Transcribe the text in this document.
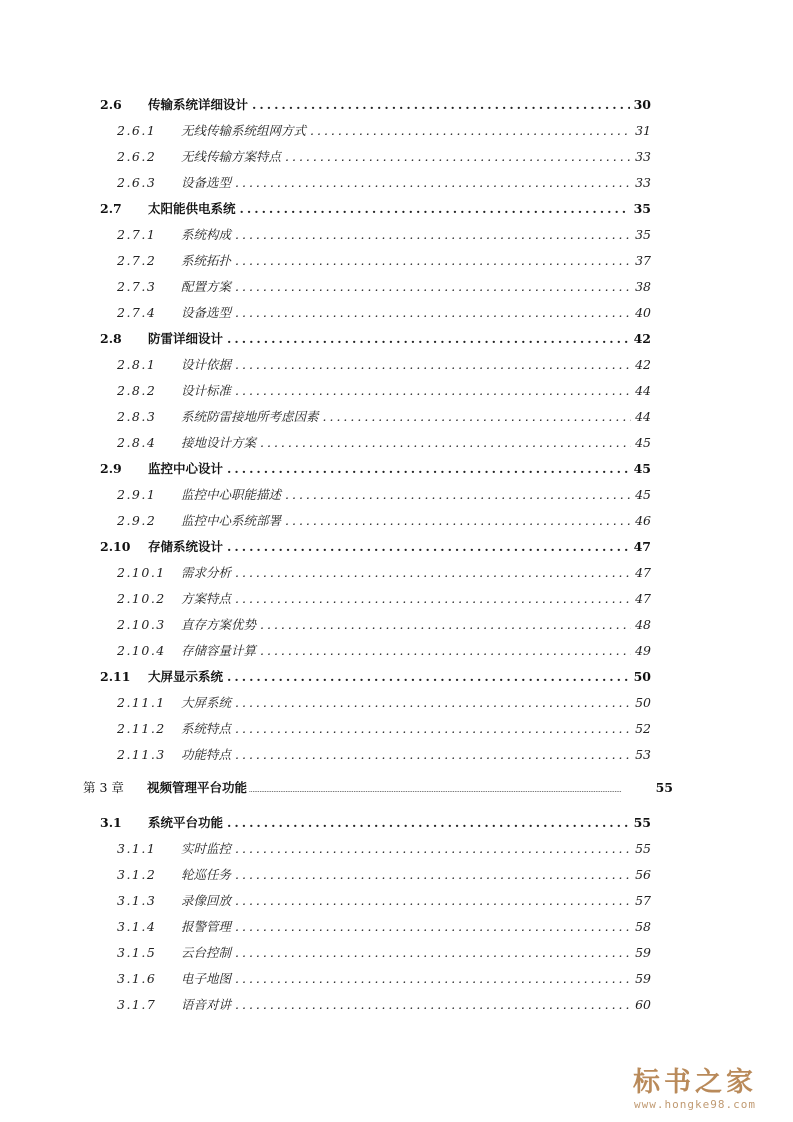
2.6	传输系统详细设计 .....	30
2.6.1	无线传输系统组网方式 .....	31
2.6.2	无线传输方案特点 .....	33
2.6.3	设备选型 .....	33
2.7	太阳能供电系统 .....	35
2.7.1	系统构成 .....	35
2.7.2	系统拓扑 .....	37
2.7.3	配置方案 .....	38
2.7.4	设备选型 .....	40
2.8	防雷详细设计 .....	42
2.8.1	设计依据 .....	42
2.8.2	设计标准 .....	44
2.8.3	系统防雷接地所考虑因素 .....	44
2.8.4	接地设计方案 .....	45
2.9	监控中心设计 .....	45
2.9.1	监控中心职能描述 .....	45
2.9.2	监控中心系统部署 .....	46
2.10	存储系统设计 .....	47
2.10.1	需求分析 .....	47
2.10.2	方案特点 .....	47
2.10.3	直存方案优势 .....	48
2.10.4	存储容量计算 .....	49
2.11	大屏显示系统 .....	50
2.11.1	大屏系统 .....	50
2.11.2	系统特点 .....	52
2.11.3	功能特点 .....	53
第 3 章	视频管理平台功能 .....	55
3.1	系统平台功能 .....	55
3.1.1	实时监控 .....	55
3.1.2	轮巡任务 .....	56
3.1.3	录像回放 .....	57
3.1.4	报警管理 .....	58
3.1.5	云台控制 .....	59
3.1.6	电子地图 .....	59
3.1.7	语音对讲 .....	60
标书之家
www.hongke98.com
